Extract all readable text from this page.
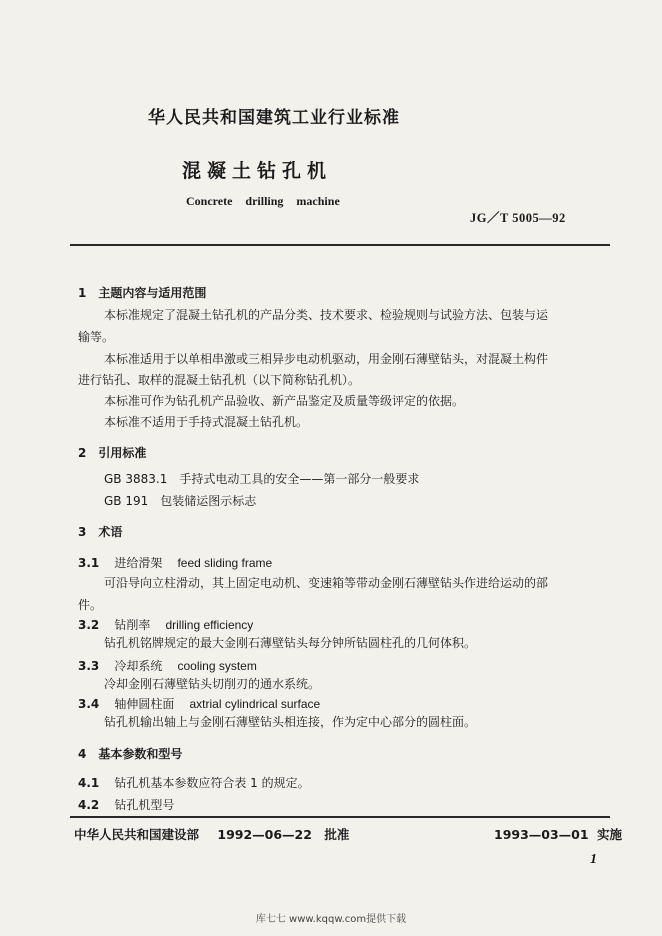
华人民共和国建筑工业行业标准
混凝土钻孔机
Concrete drilling machine
JG／T 5005—92
1　主题内容与适用范围
本标准规定了混凝土钻孔机的产品分类、技术要求、检验规则与试验方法、包装与运
输等。
本标准适用于以单相串激或三相异步电动机驱动，用金刚石薄壁钻头，对混凝土构件
进行钻孔、取样的混凝土钻孔机（以下简称钻孔机）。
本标准可作为钻孔机产品验收、新产品鉴定及质量等级评定的依据。
本标准不适用于手持式混凝土钻孔机。
2　引用标准
GB 3883.1　手持式电动工具的安全——第一部分一般要求
GB 191　包装储运图示标志
3　术语
3.1 进给滑架 feed sliding frame
可沿导向立柱滑动，其上固定电动机、变速箱等带动金刚石薄壁钻头作进给运动的部
件。
3.2 钻削率 drilling efficiency
钻孔机铭牌规定的最大金刚石薄壁钻头每分钟所钻圆柱孔的几何体积。
3.3 冷却系统 cooling system
冷却金刚石薄壁钻头切削刃的通水系统。
3.4 轴伸圆柱面 axtrial cylindrical surface
钻孔机输出轴上与金刚石薄壁钻头相连接，作为定中心部分的圆柱面。
4　基本参数和型号
4.1 钻孔机基本参数应符合表 1 的规定。
4.2 钻孔机型号
中华人民共和国建设部 1992—06—22 批准	1993—03—01 实施
1
库七七 www.kqqw.com提供下载
